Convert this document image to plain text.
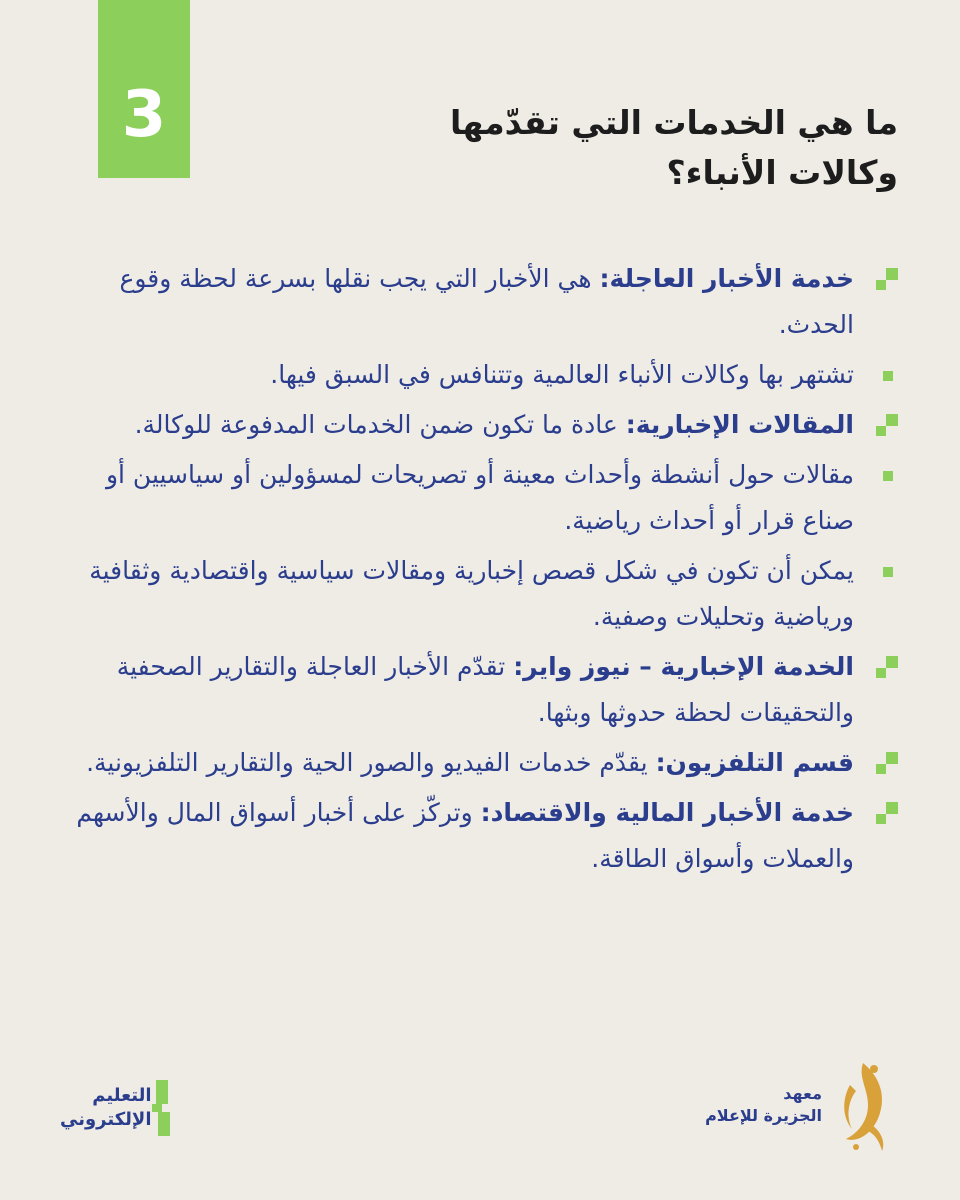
3	ما هي الخدمات التي تقدّمها
وكالات الأنباء؟
خدمة الأخبار العاجلة: هي الأخبار التي يجب نقلها بسرعة لحظة وقوع الحدث.
تشتهر بها وكالات الأنباء العالمية وتتنافس في السبق فيها.
المقالات الإخبارية: عادة ما تكون ضمن الخدمات المدفوعة للوكالة.
مقالات حول أنشطة وأحداث معينة أو تصريحات لمسؤولين أو سياسيين أو صناع قرار أو أحداث رياضية.
يمكن أن تكون في شكل قصص إخبارية ومقالات سياسية واقتصادية وثقافية ورياضية وتحليلات وصفية.
الخدمة الإخبارية – نيوز واير: تقدّم الأخبار العاجلة والتقارير الصحفية والتحقيقات لحظة حدوثها وبثها.
قسم التلفزيون: يقدّم خدمات الفيديو والصور الحية والتقارير التلفزيونية.
خدمة الأخبار المالية والاقتصاد: وتركّز على أخبار أسواق المال والأسهم والعملات وأسواق الطاقة.
التعليم
الإلكتروني
معهد
الجزيرة للإعلام
